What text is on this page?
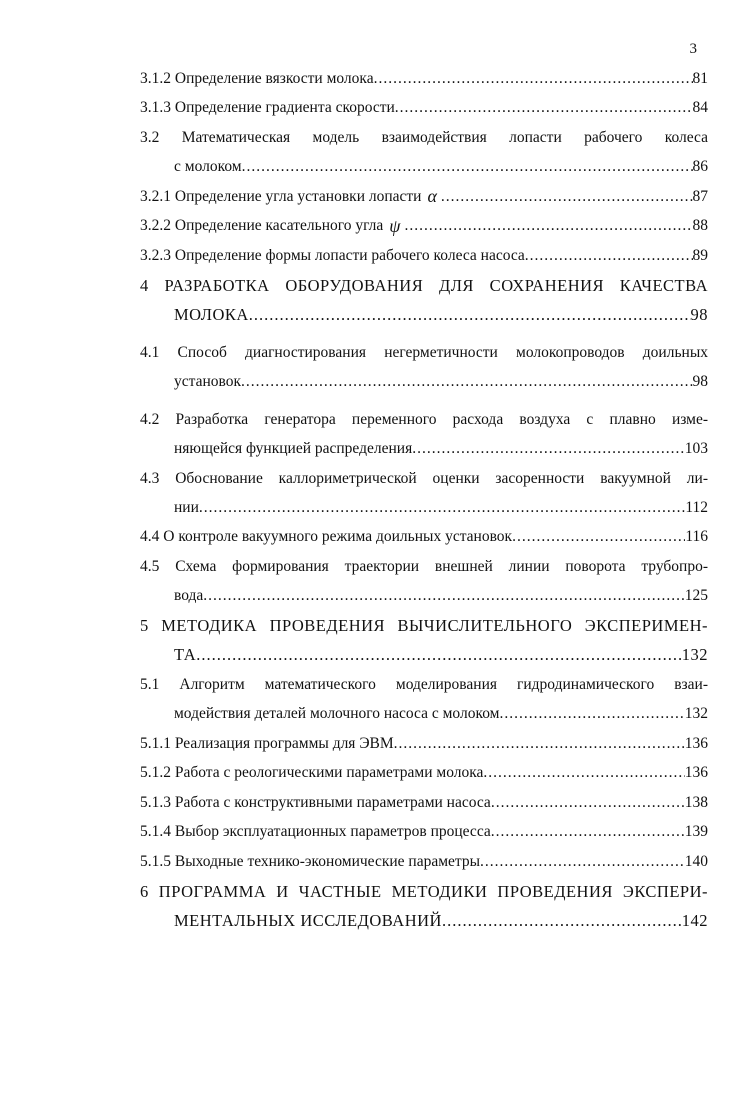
3
3.1.2 Определение вязкости молока .....	81
3.1.3 Определение градиента скорости .....	84
3.2 Математическая модель взаимодействия лопасти рабочего колеса
с молоком .....	86
3.2.1 Определение угла установки лопасти α .....	87
3.2.2 Определение касательного угла ψ .....	88
3.2.3 Определение формы лопасти рабочего колеса насоса .....	89
4 РАЗРАБОТКА ОБОРУДОВАНИЯ ДЛЯ СОХРАНЕНИЯ КАЧЕСТВА
МОЛОКА .....	98
4.1 Способ диагностирования негерметичности молокопроводов доильных
установок .....	98
4.2 Разработка генератора переменного расхода воздуха с плавно изме-
няющейся функцией распределения .....	103
4.3 Обоснование каллориметрической оценки засоренности вакуумной ли-
нии .....	112
4.4 О контроле вакуумного режима доильных установок .....	116
4.5 Схема формирования траектории внешней линии поворота трубопро-
вода .....	125
5 МЕТОДИКА ПРОВЕДЕНИЯ ВЫЧИСЛИТЕЛЬНОГО ЭКСПЕРИМЕН-
ТА .....	132
5.1 Алгоритм математического моделирования гидродинамического взаи-
модействия деталей молочного насоса с молоком .....	132
5.1.1 Реализация программы для ЭВМ .....	136
5.1.2 Работа с реологическими параметрами молока .....	136
5.1.3 Работа с конструктивными параметрами насоса .....	138
5.1.4 Выбор эксплуатационных параметров процесса .....	139
5.1.5 Выходные технико-экономические параметры .....	140
6 ПРОГРАММА И ЧАСТНЫЕ МЕТОДИКИ ПРОВЕДЕНИЯ ЭКСПЕРИ-
МЕНТАЛЬНЫХ ИССЛЕДОВАНИЙ .....	142
